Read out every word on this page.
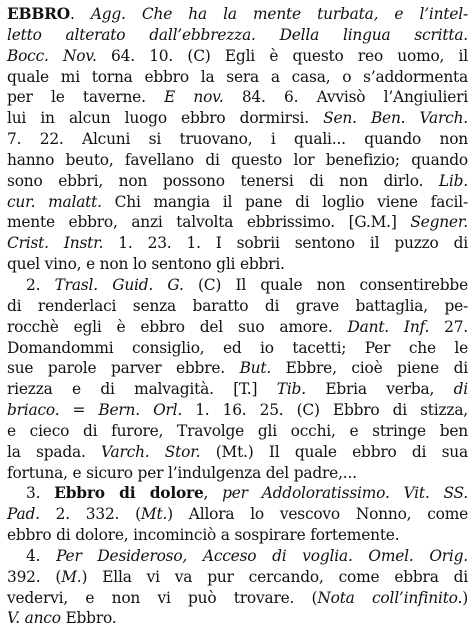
EBBRO. Agg. Che ha la mente turbata, e l’intel-
letto alterato dall’ebbrezza. Della lingua scritta.
Bocc. Nov. 64. 10. (C) Egli è questo reo uomo, il
quale mi torna ebbro la sera a casa, o s’addormenta
per le taverne. E nov. 84. 6. Avvisò l’Angiulieri
lui in alcun luogo ebbro dormirsi. Sen. Ben. Varch.
7. 22. Alcuni si truovano, i quali... quando non
hanno beuto, favellano di questo lor benefizio; quando
sono ebbri, non possono tenersi di non dirlo. Lib.
cur. malatt. Chi mangia il pane di loglio viene facil-
mente ebbro, anzi talvolta ebbrissimo. [G.M.] Segner.
Crist. Instr. 1. 23. 1. I sobrii sentono il puzzo di
quel vino, e non lo sentono gli ebbri.
2. Trasl. Guid. G. (C) Il quale non consentirebbe
di renderlaci senza baratto di grave battaglia, pe-
rocchè egli è ebbro del suo amore. Dant. Inf. 27.
Domandommi consiglio, ed io tacetti; Per che le
sue parole parver ebbre. But. Ebbre, cioè piene di
riezza e di malvagità. [T.] Tib. Ebria verba, di
briaco. = Bern. Orl. 1. 16. 25. (C) Ebbro di stizza,
e cieco di furore, Travolge gli occhi, e stringe ben
la spada. Varch. Stor. (Mt.) Il quale ebbro di sua
fortuna, e sicuro per l’indulgenza del padre,...
3. Ebbro di dolore, per Addoloratissimo. Vit. SS.
Pad. 2. 332. (Mt.) Allora lo vescovo Nonno, come
ebbro di dolore, incominciò a sospirare fortemente.
4. Per Desideroso, Acceso di voglia. Omel. Orig.
392. (M.) Ella vi va pur cercando, come ebbra di
vedervi, e non vi può trovare. (Nota coll’infinito.)
V. anco Ebbro.
